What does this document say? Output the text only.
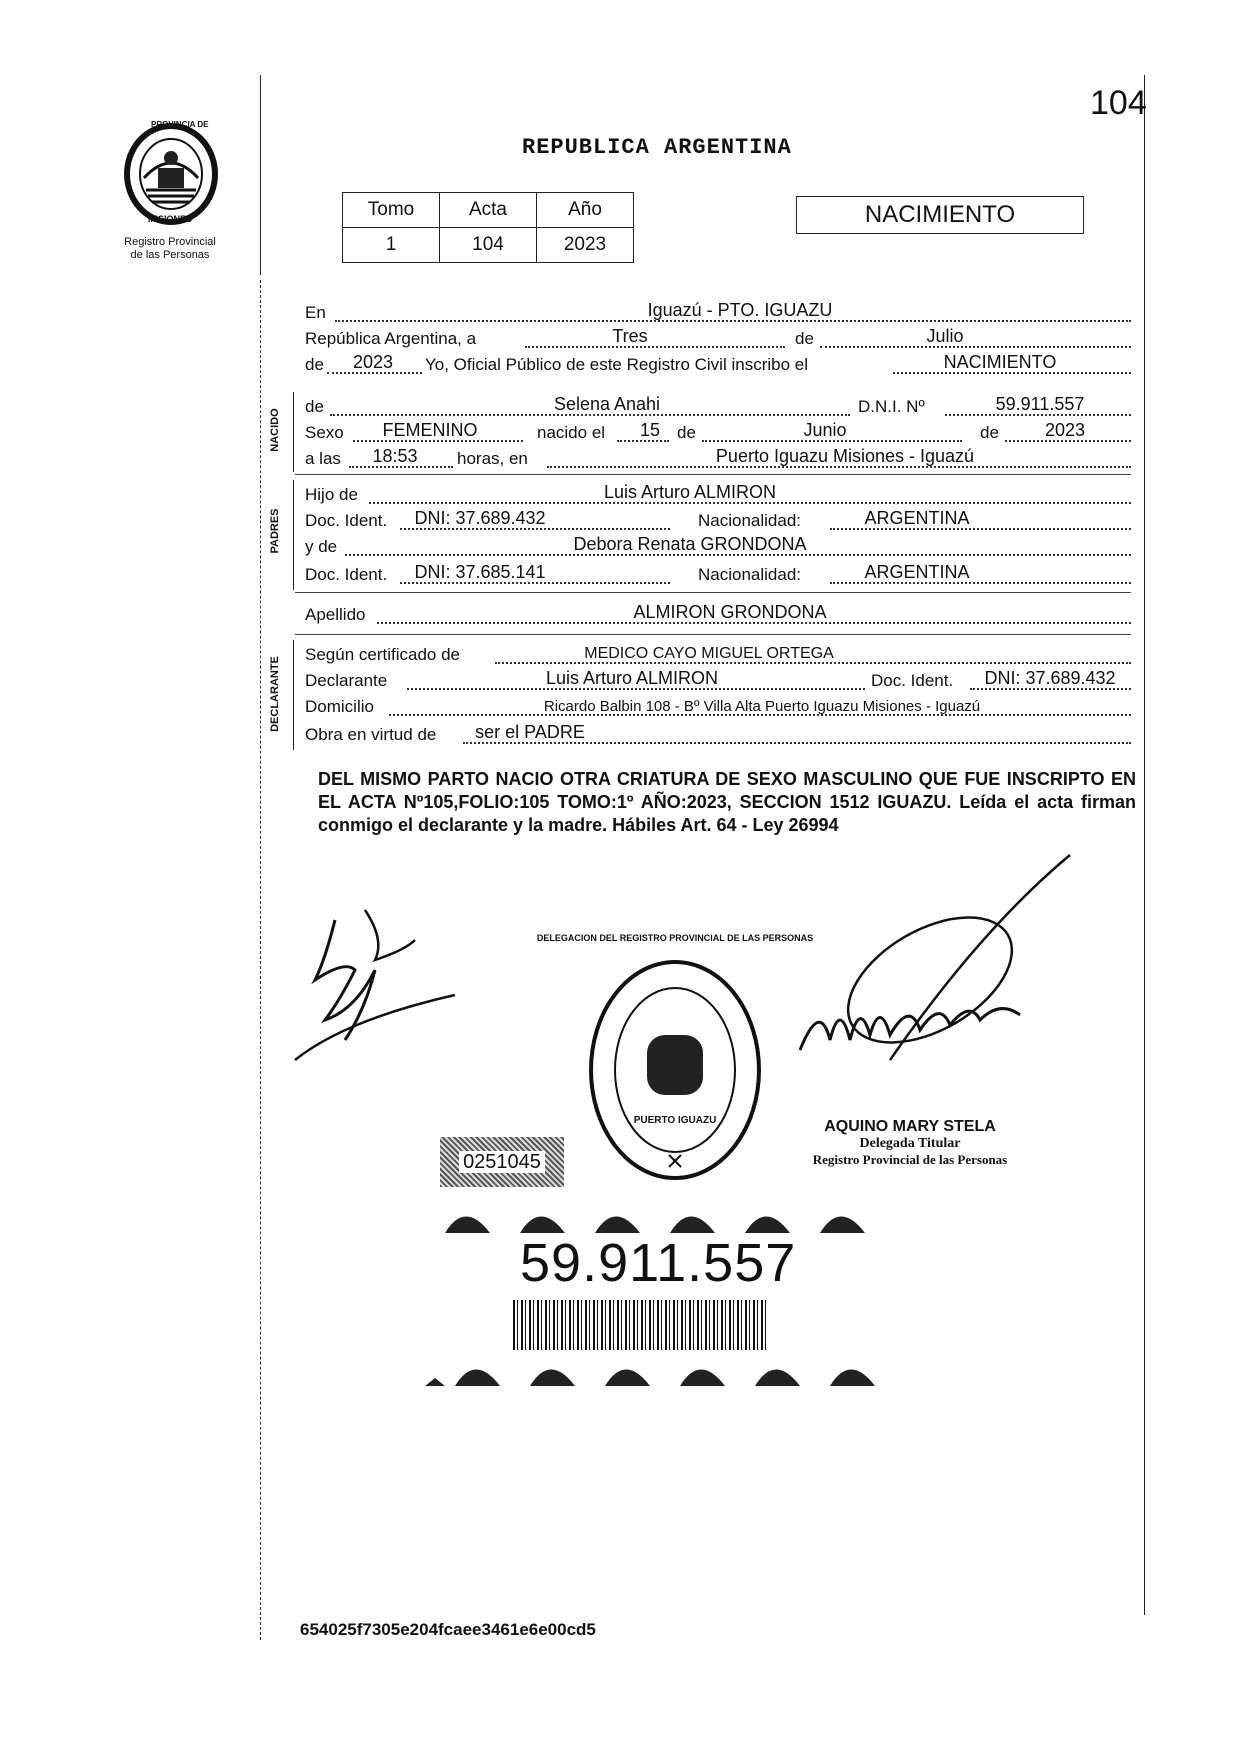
104
PROVINCIA DE
MISIONES
Registro Provincial
de las Personas
REPUBLICA ARGENTINA
Tomo	Acta	Año
1	104	2023
NACIMIENTO
En	Iguazú - PTO. IGUAZU
República Argentina, a	Tres	de	Julio
de 2023 Yo, Oficial Público de este Registro Civil inscribo el	NACIMIENTO
NACIDO
de	Selena Anahi	D.N.I. Nº	59.911.557
Sexo FEMENINO	nacido el 15 de	Junio	de	2023
a las 18:53 horas, en	Puerto Iguazu Misiones - Iguazú
PADRES
Hijo de	Luis Arturo ALMIRON
Doc. Ident. DNI: 37.689.432	Nacionalidad:	ARGENTINA
y de	Debora Renata GRONDONA
Doc. Ident. DNI: 37.685.141	Nacionalidad:	ARGENTINA
Apellido	ALMIRON GRONDONA
DECLARANTE
Según certificado de	MEDICO CAYO MIGUEL ORTEGA
Declarante	Luis Arturo ALMIRON	Doc. Ident. DNI: 37.689.432
Domicilio	Ricardo Balbin 108 - Bº Villa Alta Puerto Iguazu Misiones - Iguazú
Obra en virtud de ser el PADRE
DEL MISMO PARTO NACIO OTRA CRIATURA DE SEXO MASCULINO QUE FUE INSCRIPTO EN EL ACTA Nº105,FOLIO:105 TOMO:1º AÑO:2023, SECCION 1512 IGUAZU. Leída el acta firman conmigo el declarante y la madre. Hábiles Art. 64 - Ley 26994
DELEGACION DEL REGISTRO PROVINCIAL DE LAS PERSONAS
PUERTO IGUAZU	AQUINO MARY STELA
Delegada Titular
Registro Provincial de las Personas
0251045
59.911.557
654025f7305e204fcaee3461e6e00cd5
